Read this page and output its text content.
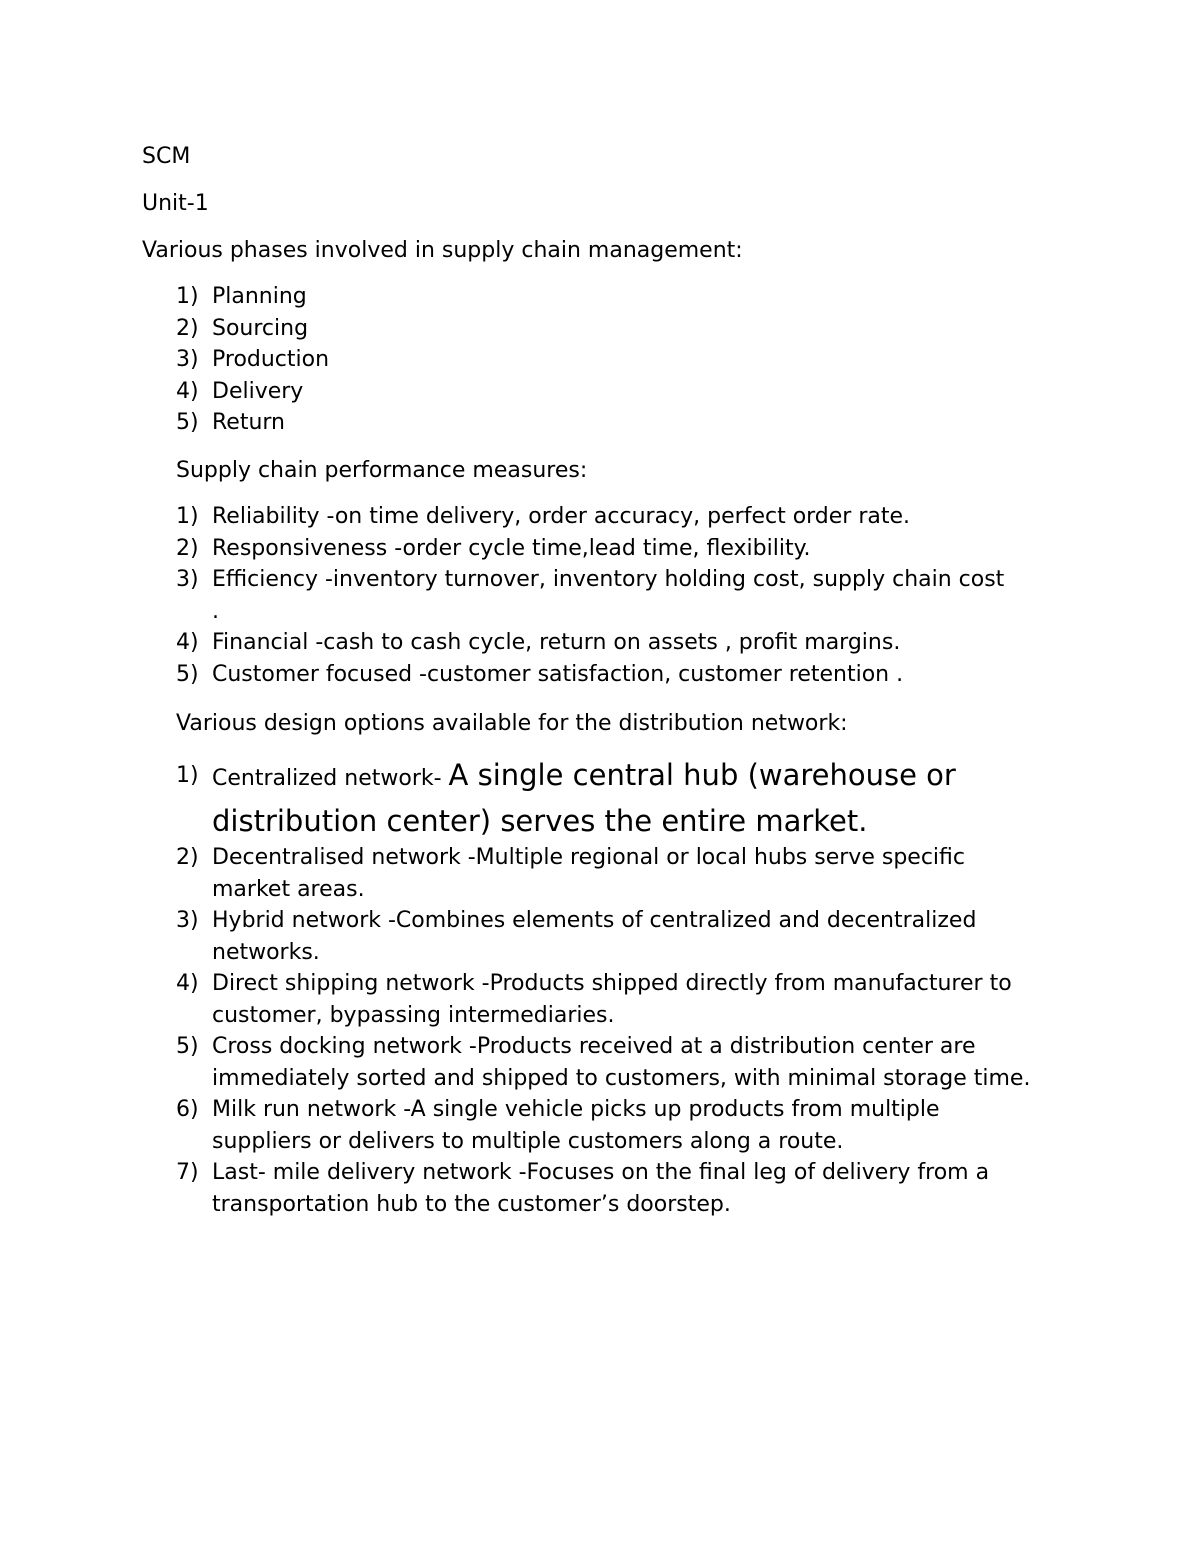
SCM

Unit-1

Various phases involved in supply chain management:

1) Planning
2) Sourcing
3) Production
4) Delivery
5) Return

Supply chain performance measures:

1) Reliability -on time delivery, order accuracy, perfect order rate.
2) Responsiveness -order cycle time,lead time, flexibility.
3) Efficiency -inventory turnover, inventory holding cost, supply chain cost .
4) Financial -cash to cash cycle, return on assets , profit margins.
5) Customer focused -customer satisfaction, customer retention .

Various design options available for the distribution network:

1) Centralized network- A single central hub (warehouse or distribution center) serves the entire market.
2) Decentralised network -Multiple regional or local hubs serve specific market areas.
3) Hybrid network -Combines elements of centralized and decentralized networks.
4) Direct shipping network -Products shipped directly from manufacturer to customer, bypassing intermediaries.
5) Cross docking network -Products received at a distribution center are immediately sorted and shipped to customers, with minimal storage time.
6) Milk run network -A single vehicle picks up products from multiple suppliers or delivers to multiple customers along a route.
7) Last- mile delivery network -Focuses on the final leg of delivery from a transportation hub to the customer’s doorstep.
